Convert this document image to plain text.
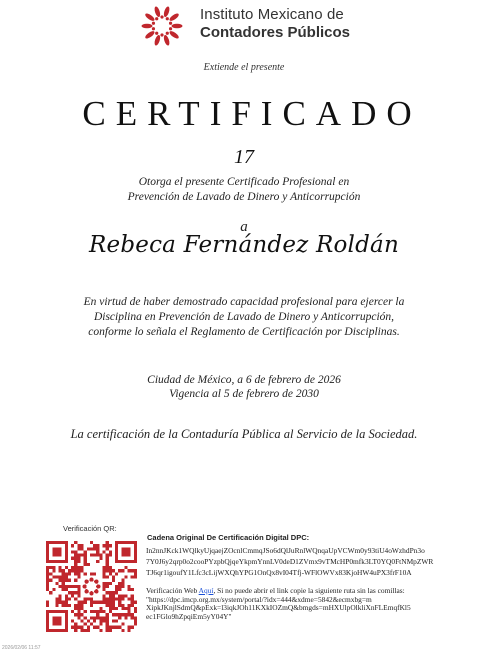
Instituto Mexicano de
Contadores Públicos
Extiende el presente
CERTIFICADO
17
Otorga el presente Certificado Profesional en
Prevención de Lavado de Dinero y Anticorrupción
a
Rebeca Fernández Roldán
En virtud de haber demostrado capacidad profesional para ejercer la
Disciplina en Prevención de Lavado de Dinero y Anticorrupción,
conforme lo señala el Reglamento de Certificación por Disciplinas.
Ciudad de México, a 6 de febrero de 2026
Vigencia al 5 de febrero de 2030
La certificación de la Contaduría Pública al Servicio de la Sociedad.
Verificación QR:
Cadena Original De Certificación Digital DPC:
In2nnJKck1WQlkyUjqaejZOcnlCmmqJSo6dQlJuRnlWQnqaUpVCWm0y93tiU4oWzhdPn3o
7Y0J6y2qrp0o2cooPYzpbQjqeYkpmYnnLV0deD1ZVmx9vTMcHP0mfk3LT0YQ0FtNMpZWR
TJ6qr1igoufY1Lfc3cLijWXQhYPG1OnQx8vI04Tfj-WFlOWVx83KjoHW4uPX3frF10A
Verificación Web Aquí, Si no puede abrir el link copie la siguiente ruta sin las comillas:
"https://dpc.imcp.org.mx/system/portal/?idx=444&xdme=5842&ecmxbg=m
XipkJKnjlSdmQ&pExk=l3iqkJOh11KXkIOZmQ&bmgds=mHXUlpOlkliXnFLEmqfKl5
ec1FGlo9hZpqiEm5yY04Y"
2026/02/06 11:57
